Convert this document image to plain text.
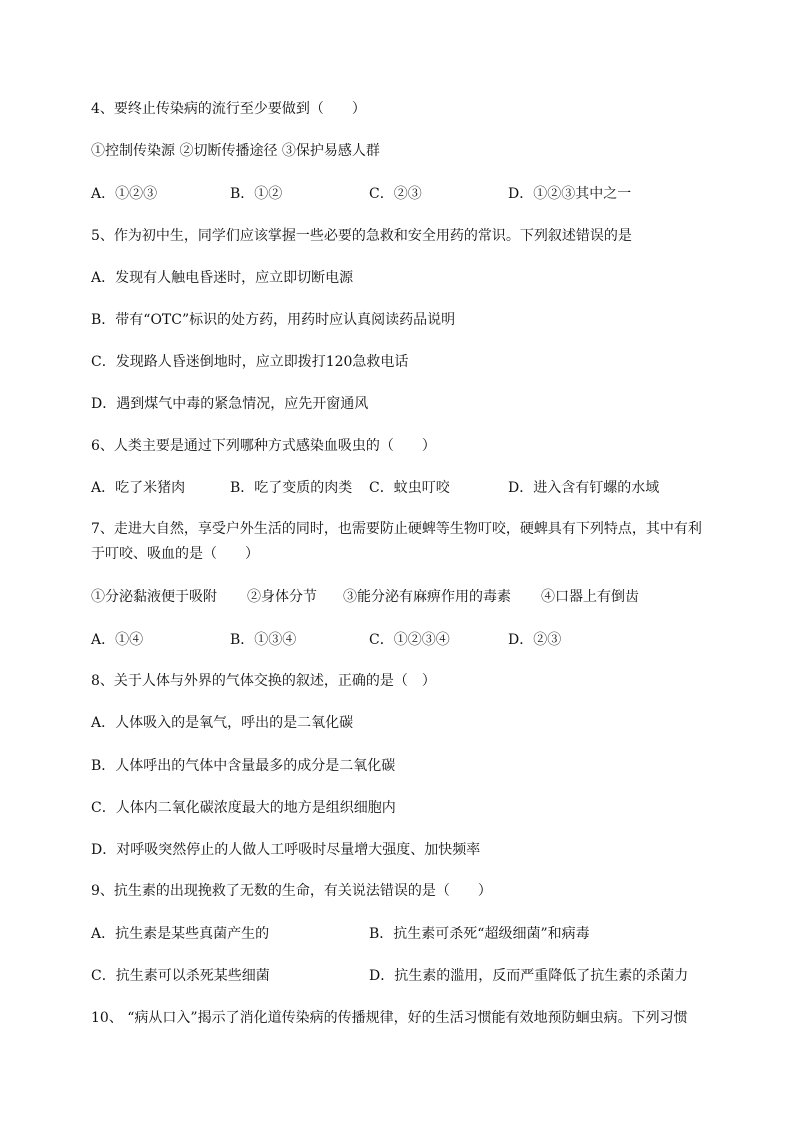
4、要终止传染病的流行至少要做到（　　）
①控制传染源 ②切断传播途径 ③保护易感人群
A．①②③	B．①②	C．②③	D．①②③其中之一
5、作为初中生，同学们应该掌握一些必要的急救和安全用药的常识。下列叙述错误的是
A．发现有人触电昏迷时，应立即切断电源
B．带有“OTC”标识的处方药，用药时应认真阅读药品说明
C．发现路人昏迷倒地时，应立即拨打120急救电话
D．遇到煤气中毒的紧急情况，应先开窗通风
6、人类主要是通过下列哪种方式感染血吸虫的（　　）
A．吃了米猪肉	B．吃了变质的肉类 C．蚊虫叮咬	D．进入含有钉螺的水域
7、走进大自然，享受户外生活的同时，也需要防止硬蜱等生物叮咬，硬蜱具有下列特点，其中有利
于叮咬、吸血的是（　　）
①分泌黏液便于吸附 ②身体分节 ③能分泌有麻痹作用的毒素 ④口器上有倒齿
A．①④	B．①③④	C．①②③④	D．②③
8、关于人体与外界的气体交换的叙述，正确的是（　）
A．人体吸入的是氧气，呼出的是二氧化碳
B．人体呼出的气体中含量最多的成分是二氧化碳
C．人体内二氧化碳浓度最大的地方是组织细胞内
D．对呼吸突然停止的人做人工呼吸时尽量增大强度、加快频率
9、抗生素的出现挽救了无数的生命，有关说法错误的是（　　）
A．抗生素是某些真菌产生的	B．抗生素可杀死“超级细菌”和病毒
C．抗生素可以杀死某些细菌	D．抗生素的滥用，反而严重降低了抗生素的杀菌力
10、 “病从口入”揭示了消化道传染病的传播规律，好的生活习惯能有效地预防蛔虫病。下列习惯
